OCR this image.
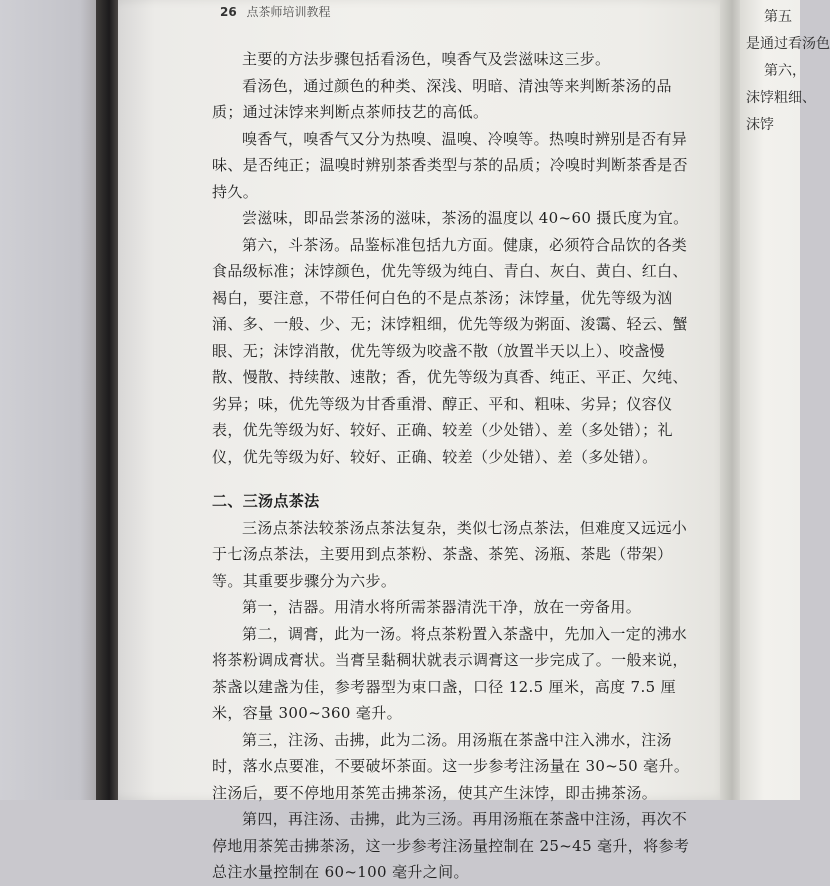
26 点茶师培训教程

主要的方法步骤包括看汤色，嗅香气及尝滋味这三步。

看汤色，通过颜色的种类、深浅、明暗、清浊等来判断茶汤的品质；通过沫饽来判断点茶师技艺的高低。

嗅香气，嗅香气又分为热嗅、温嗅、冷嗅等。热嗅时辨别是否有异味、是否纯正；温嗅时辨别茶香类型与茶的品质；冷嗅时判断茶香是否持久。

尝滋味，即品尝茶汤的滋味，茶汤的温度以 40~60 摄氏度为宜。

第六，斗茶汤。品鉴标准包括九方面。健康，必须符合品饮的各类食品级标准；沫饽颜色，优先等级为纯白、青白、灰白、黄白、红白、褐白，要注意，不带任何白色的不是点茶汤；沫饽量，优先等级为汹涌、多、一般、少、无；沫饽粗细，优先等级为粥面、浚霭、轻云、蟹眼、无；沫饽消散，优先等级为咬盏不散（放置半天以上）、咬盏慢散、慢散、持续散、速散；香，优先等级为真香、纯正、平正、欠纯、劣异；味，优先等级为甘香重滑、醇正、平和、粗味、劣异；仪容仪表，优先等级为好、较好、正确、较差（少处错）、差（多处错）；礼仪，优先等级为好、较好、正确、较差（少处错）、差（多处错）。

二、三汤点茶法

三汤点茶法较茶汤点茶法复杂，类似七汤点茶法，但难度又远远小于七汤点茶法，主要用到点茶粉、茶盏、茶筅、汤瓶、茶匙（带架）等。其重要步骤分为六步。

第一，洁器。用清水将所需茶器清洗干净，放在一旁备用。

第二，调膏，此为一汤。将点茶粉置入茶盏中，先加入一定的沸水将茶粉调成膏状。当膏呈黏稠状就表示调膏这一步完成了。一般来说，茶盏以建盏为佳，参考器型为束口盏，口径 12.5 厘米，高度 7.5 厘米，容量 300~360 毫升。

第三，注汤、击拂，此为二汤。用汤瓶在茶盏中注入沸水，注汤时，落水点要准，不要破坏茶面。这一步参考注汤量在 30~50 毫升。注汤后，要不停地用茶筅击拂茶汤，使其产生沫饽，即击拂茶汤。

第四，再注汤、击拂，此为三汤。再用汤瓶在茶盏中注汤，再次不停地用茶筅击拂茶汤，这一步参考注汤量控制在 25~45 毫升，将参考总注水量控制在 60~100 毫升之间。

第五
是通过看汤色
第六，
沫饽粗细、
沫饽
